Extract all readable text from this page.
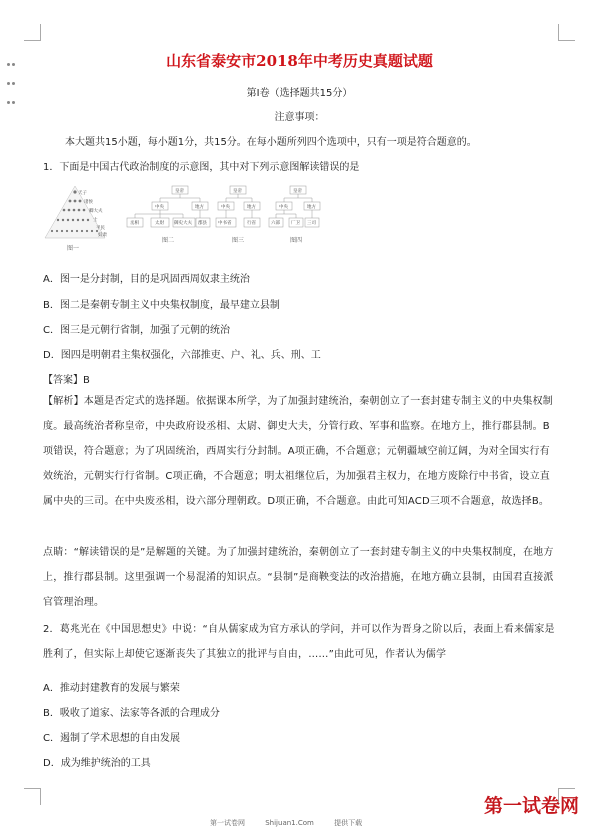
山东省泰安市2018年中考历史真题试题
第Ⅰ卷（选择题共15分）
注意事项：
本大题共15小题，每小题1分，共15分。在每小题所列四个选项中，只有一项是符合题意的。
1．下面是中国古代政治制度的示意图，其中对下列示意图解读错误的是
天子
诸侯
卿大夫
士
平民
奴隶
图一
皇帝
中央	地方
丞相	太尉 御史大夫 郡县
图二
皇帝
中央	地方
中书省	行省
图三
皇帝
中央	地方
六部 厂卫 三司
图四
A．图一是分封制，目的是巩固西周奴隶主统治
B．图二是秦朝专制主义中央集权制度，最早建立县制
C．图三是元朝行省制，加强了元朝的统治
D．图四是明朝君主集权强化，六部推吏、户、礼、兵、刑、工
【答案】B
【解析】本题是否定式的选择题。依据课本所学，为了加强封建统治，秦朝创立了一套封建专制主义的中央集权制度。最高统治者称皇帝，中央政府设丞相、太尉、御史大夫，分管行政、军事和监察。在地方上，推行郡县制。B项错误，符合题意；为了巩固统治，西周实行分封制。A项正确，不合题意；元朝疆域空前辽阔，为对全国实行有效统治，元朝实行行省制。C项正确，不合题意；明太祖继位后，为加强君主权力，在地方废除行中书省，设立直属中央的三司。在中央废丞相，设六部分理朝政。D项正确，不合题意。由此可知ACD三项不合题意，故选择B。
点睛：“解读错误的是”是解题的关键。为了加强封建统治，秦朝创立了一套封建专制主义的中央集权制度，在地方上，推行郡县制。这里强调一个易混淆的知识点。“县制”是商鞅变法的改治措施，在地方确立县制，由国君直接派官管理治理。
2．葛兆光在《中国思想史》中说：“自从儒家成为官方承认的学问，并可以作为晋身之阶以后，表面上看来儒家是胜利了，但实际上却使它逐渐丧失了其独立的批评与自由，……”由此可见，作者认为儒学
A．推动封建教育的发展与繁荣
B．吸收了道家、法家等各派的合理成分
C．遏制了学术思想的自由发展
D．成为维护统治的工具
第一试卷网
第一试卷网	Shijuan1.Com	提供下载
